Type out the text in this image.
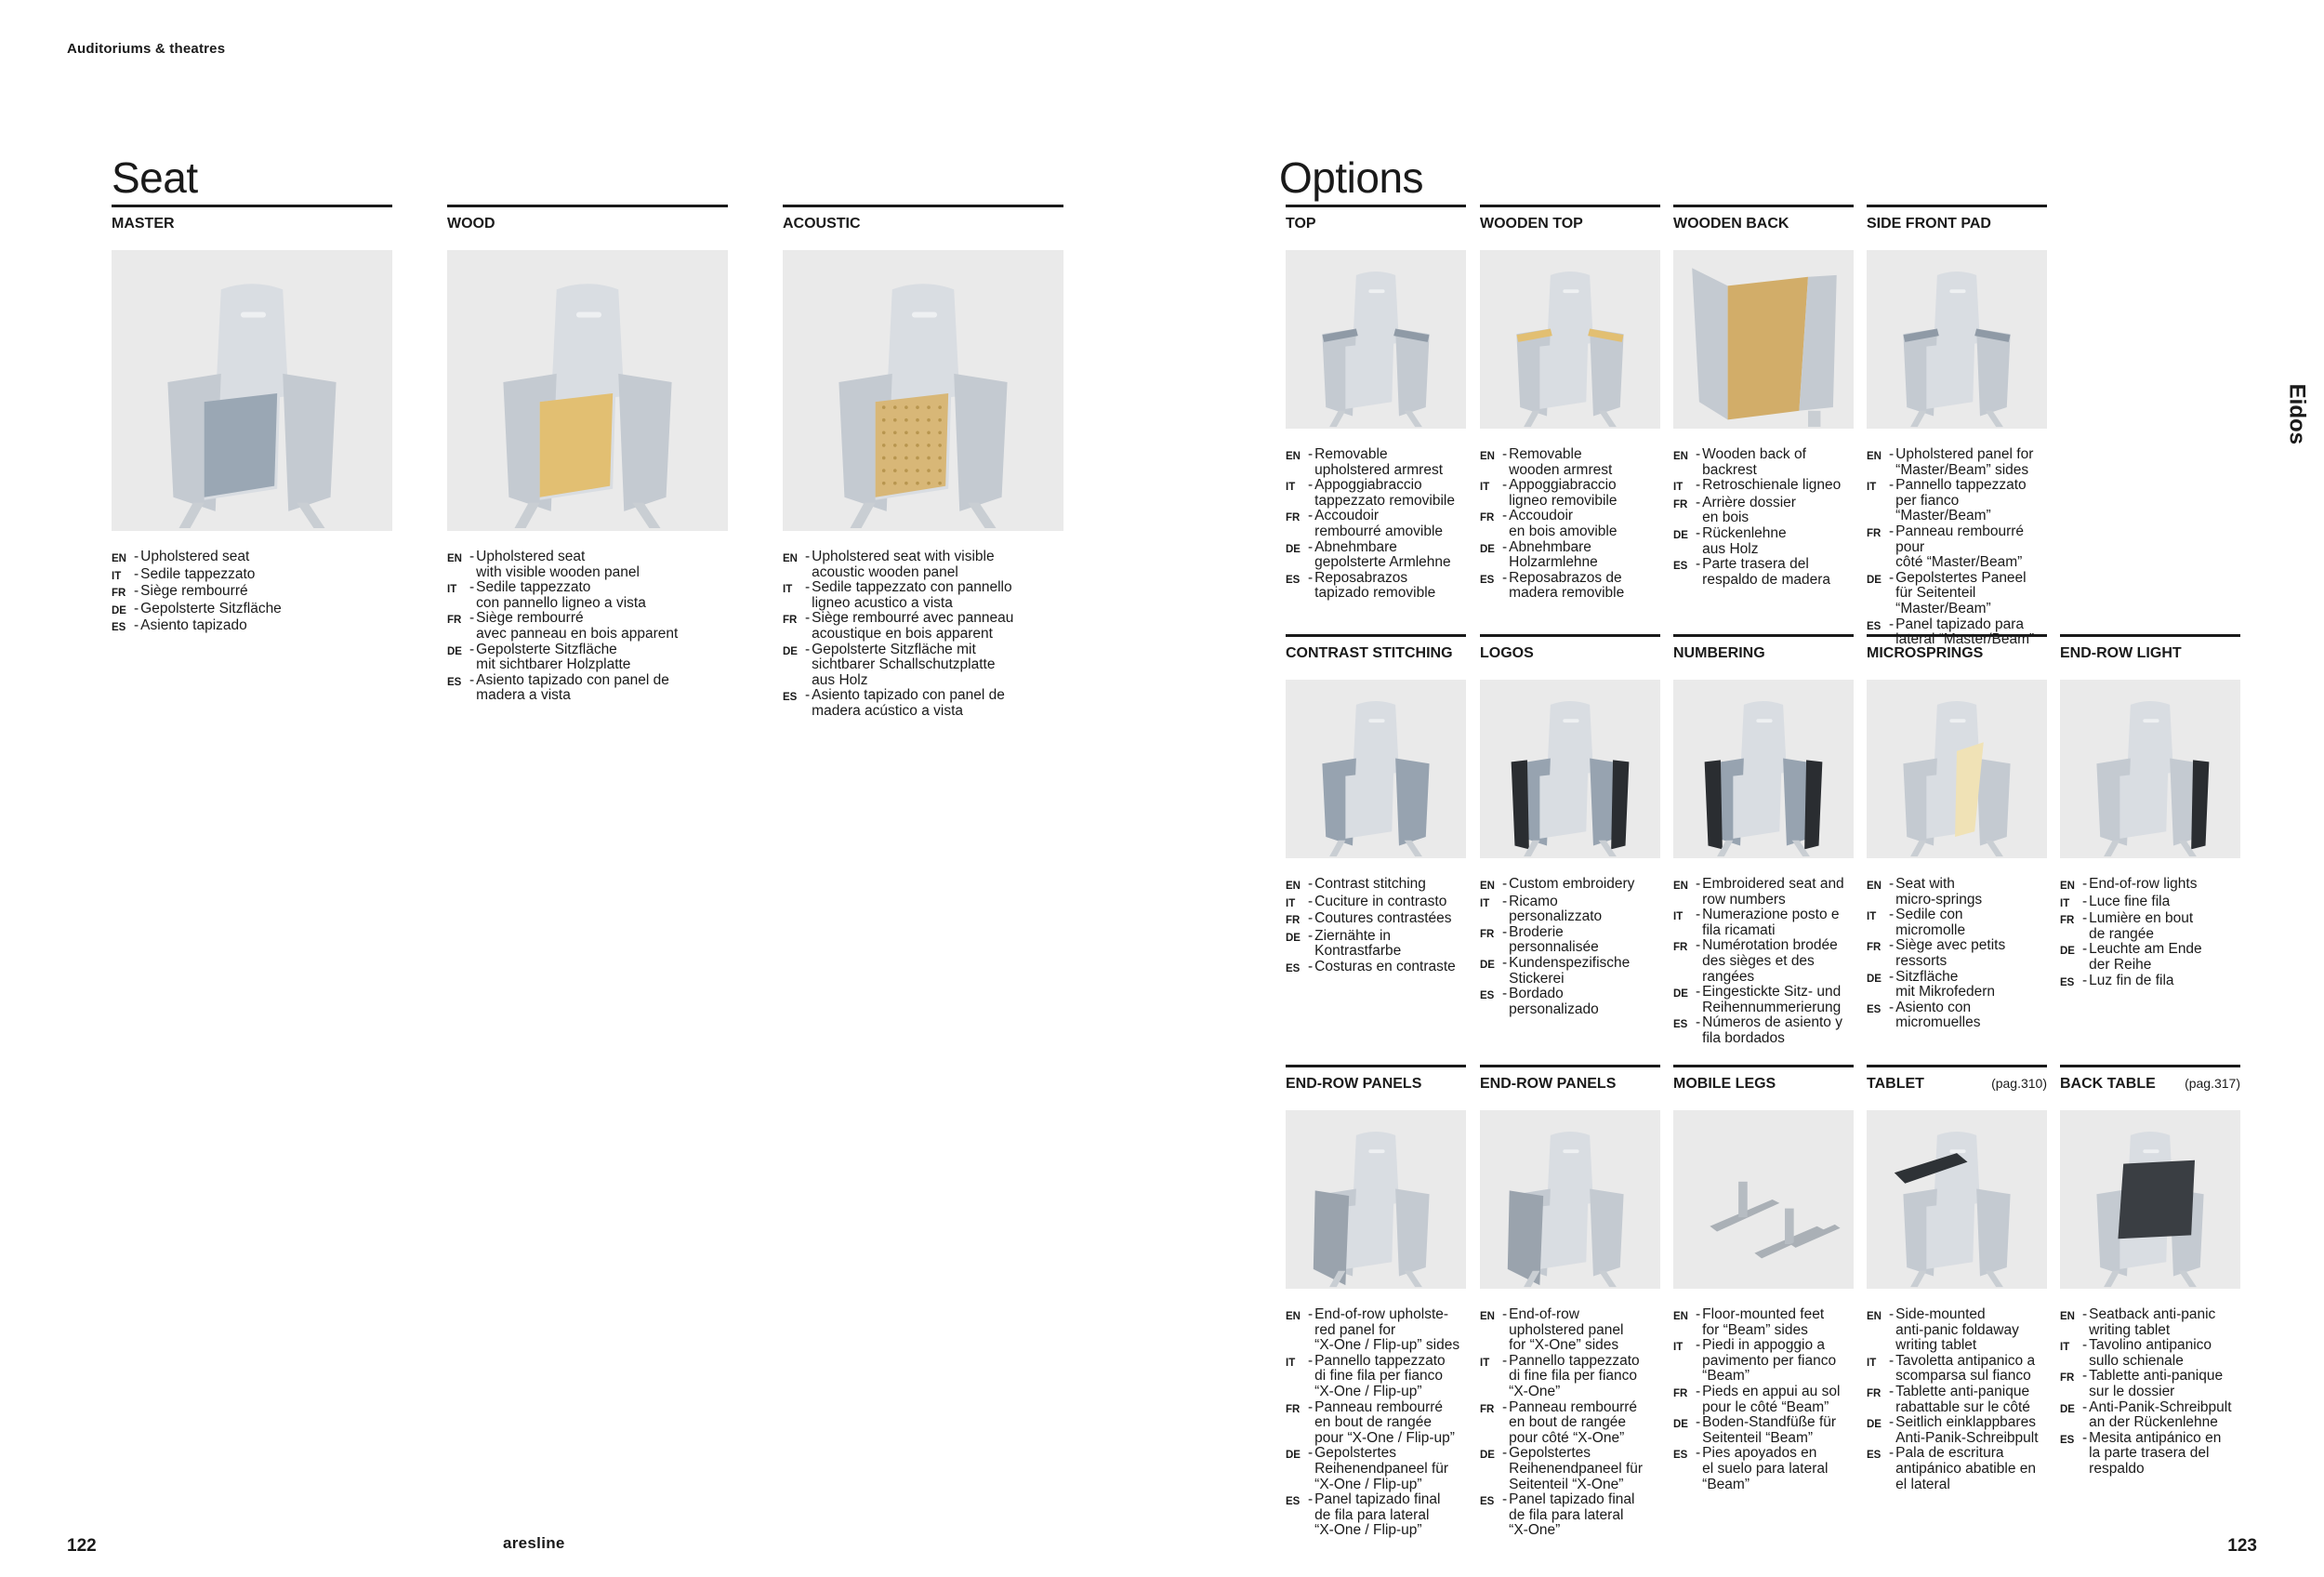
Auditoriums & theatres
Seat	Options
MASTER
EN - Upholstered seat
IT - Sedile tappezzato
FR - Siège rembourré
DE - Gepolsterte Sitzfläche
ES - Asiento tapizado
WOOD
EN - Upholstered seat
with visible wooden panel
IT - Sedile tappezzato
con pannello ligneo a vista
FR - Siège rembourré
avec panneau en bois apparent
DE - Gepolsterte Sitzfläche
mit sichtbarer Holzplatte
ES - Asiento tapizado con panel de
madera a vista
ACOUSTIC
EN - Upholstered seat with visible
acoustic wooden panel
IT - Sedile tappezzato con pannello
ligneo acustico a vista
FR - Siège rembourré avec panneau
acoustique en bois apparent
DE - Gepolsterte Sitzfläche mit
sichtbarer Schallschutzplatte
aus Holz
ES - Asiento tapizado con panel de
madera acústico a vista
TOP
EN - Removable
upholstered armrest
IT - Appoggiabraccio
tappezzato removibile
FR - Accoudoir
rembourré amovible
DE - Abnehmbare
gepolsterte Armlehne
ES - Reposabrazos
tapizado removible
WOODEN TOP
EN - Removable
wooden armrest
IT - Appoggiabraccio
ligneo removibile
FR - Accoudoir
en bois amovible
DE - Abnehmbare
Holzarmlehne
ES - Reposabrazos de
madera removible
WOODEN BACK
EN - Wooden back of
backrest
IT - Retroschienale ligneo
FR - Arrière dossier
en bois
DE - Rückenlehne
aus Holz
ES - Parte trasera del
respaldo de madera
SIDE FRONT PAD
EN - Upholstered panel for
“Master/Beam” sides
IT - Pannello tappezzato
per fianco “Master/Beam”
FR - Panneau rembourré pour
côté “Master/Beam”
DE - Gepolstertes Paneel
für Seitenteil
“Master/Beam”
ES - Panel tapizado para
lateral “Master/Beam”
CONTRAST STITCHING
EN - Contrast stitching
IT - Cuciture in contrasto
FR - Coutures contrastées
DE - Ziernähte in
Kontrastfarbe
ES - Costuras en contraste
LOGOS
EN - Custom embroidery
IT - Ricamo
personalizzato
FR - Broderie
personnalisée
DE - Kundenspezifische
Stickerei
ES - Bordado
personalizado
NUMBERING
EN - Embroidered seat and
row numbers
IT - Numerazione posto e
fila ricamati
FR - Numérotation brodée
des sièges et des
rangées
DE - Eingestickte Sitz- und
Reihennummerierung
ES - Números de asiento y
fila bordados
MICROSPRINGS
EN - Seat with
micro-springs
IT - Sedile con
micromolle
FR - Siège avec petits
ressorts
DE - Sitzfläche
mit Mikrofedern
ES - Asiento con
micromuelles
END-ROW LIGHT
EN - End-of-row lights
IT - Luce fine fila
FR - Lumière en bout
de rangée
DE - Leuchte am Ende
der Reihe
ES - Luz fin de fila
END-ROW PANELS
EN - End-of-row upholste-
red panel for
“X-One / Flip-up” sides
IT - Pannello tappezzato
di fine fila per fianco
“X-One / Flip-up”
FR - Panneau rembourré
en bout de rangée
pour “X-One / Flip-up”
DE - Gepolstertes
Reihenendpaneel für
“X-One / Flip-up”
ES - Panel tapizado final
de fila para lateral
“X-One / Flip-up”
END-ROW PANELS
EN - End-of-row
upholstered panel
for “X-One” sides
IT - Pannello tappezzato
di fine fila per fianco
“X-One”
FR - Panneau rembourré
en bout de rangée
pour côté “X-One”
DE - Gepolstertes
Reihenendpaneel für
Seitenteil “X-One”
ES - Panel tapizado final
de fila para lateral
“X-One”
MOBILE LEGS
EN - Floor-mounted feet
for “Beam” sides
IT - Piedi in appoggio a
pavimento per fianco
“Beam”
FR - Pieds en appui au sol
pour le côté “Beam”
DE - Boden-Standfüße für
Seitenteil “Beam”
ES - Pies apoyados en
el suelo para lateral
“Beam”
TABLET	(pag.310)
EN - Side-mounted
anti-panic foldaway
writing tablet
IT - Tavoletta antipanico a
scomparsa sul fianco
FR - Tablette anti-panique
rabattable sur le côté
DE - Seitlich einklappbares
Anti-Panik-Schreibpult
ES - Pala de escritura
antipánico abatible en
el lateral
BACK TABLE (pag.317)
EN - Seatback anti-panic
writing tablet
IT - Tavolino antipanico
sullo schienale
FR - Tablette anti-panique
sur le dossier
DE - Anti-Panik-Schreibpult
an der Rückenlehne
ES - Mesita antipánico en
la parte trasera del
respaldo
Eidos
122	aresline	123
